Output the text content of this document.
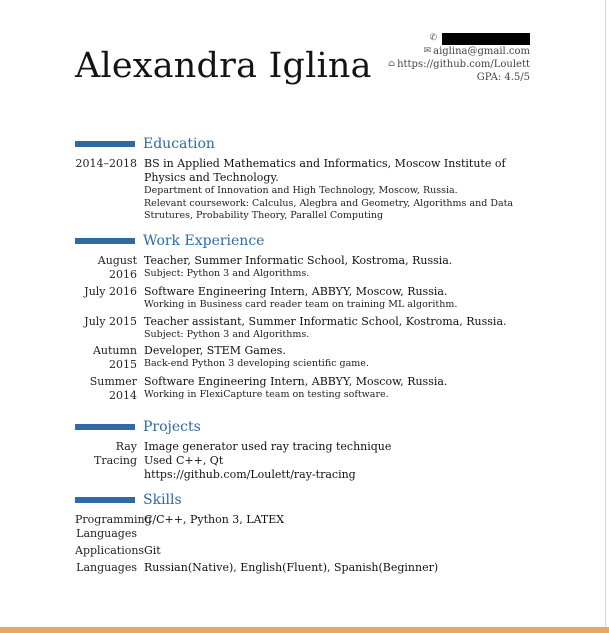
Alexandra Iglina
✆
✉ aiglina@gmail.com
⌂ https://github.com/Loulett
GPA: 4.5/5
Education
2014–2018 BS in Applied Mathematics and Informatics, Moscow Institute of Physics and Technology.
Department of Innovation and High Technology, Moscow, Russia.
Relevant coursework: Calculus, Alegbra and Geometry, Algorithms and Data Strutures, Probability Theory, Parallel Computing
Work Experience
August 2016
Teacher, Summer Informatic School, Kostroma, Russia.
Subject: Python 3 and Algorithms.
July 2016 Software Engineering Intern, ABBYY, Moscow, Russia.
Working in Business card reader team on training ML algorithm.
July 2015 Teacher assistant, Summer Informatic School, Kostroma, Russia.
Subject: Python 3 and Algorithms.
Autumn 2015
Developer, STEM Games.
Back-end Python 3 developing scientific game.
Summer 2014
Software Engineering Intern, ABBYY, Moscow, Russia.
Working in FlexiCapture team on testing software.
Projects
Ray Tracing
Image generator used ray tracing technique
Used C++, Qt
https://github.com/Loulett/ray-tracing
Skills
Programming Languages
C/C++, Python 3, LATEX
Applications Git
Languages Russian(Native), English(Fluent), Spanish(Beginner)
